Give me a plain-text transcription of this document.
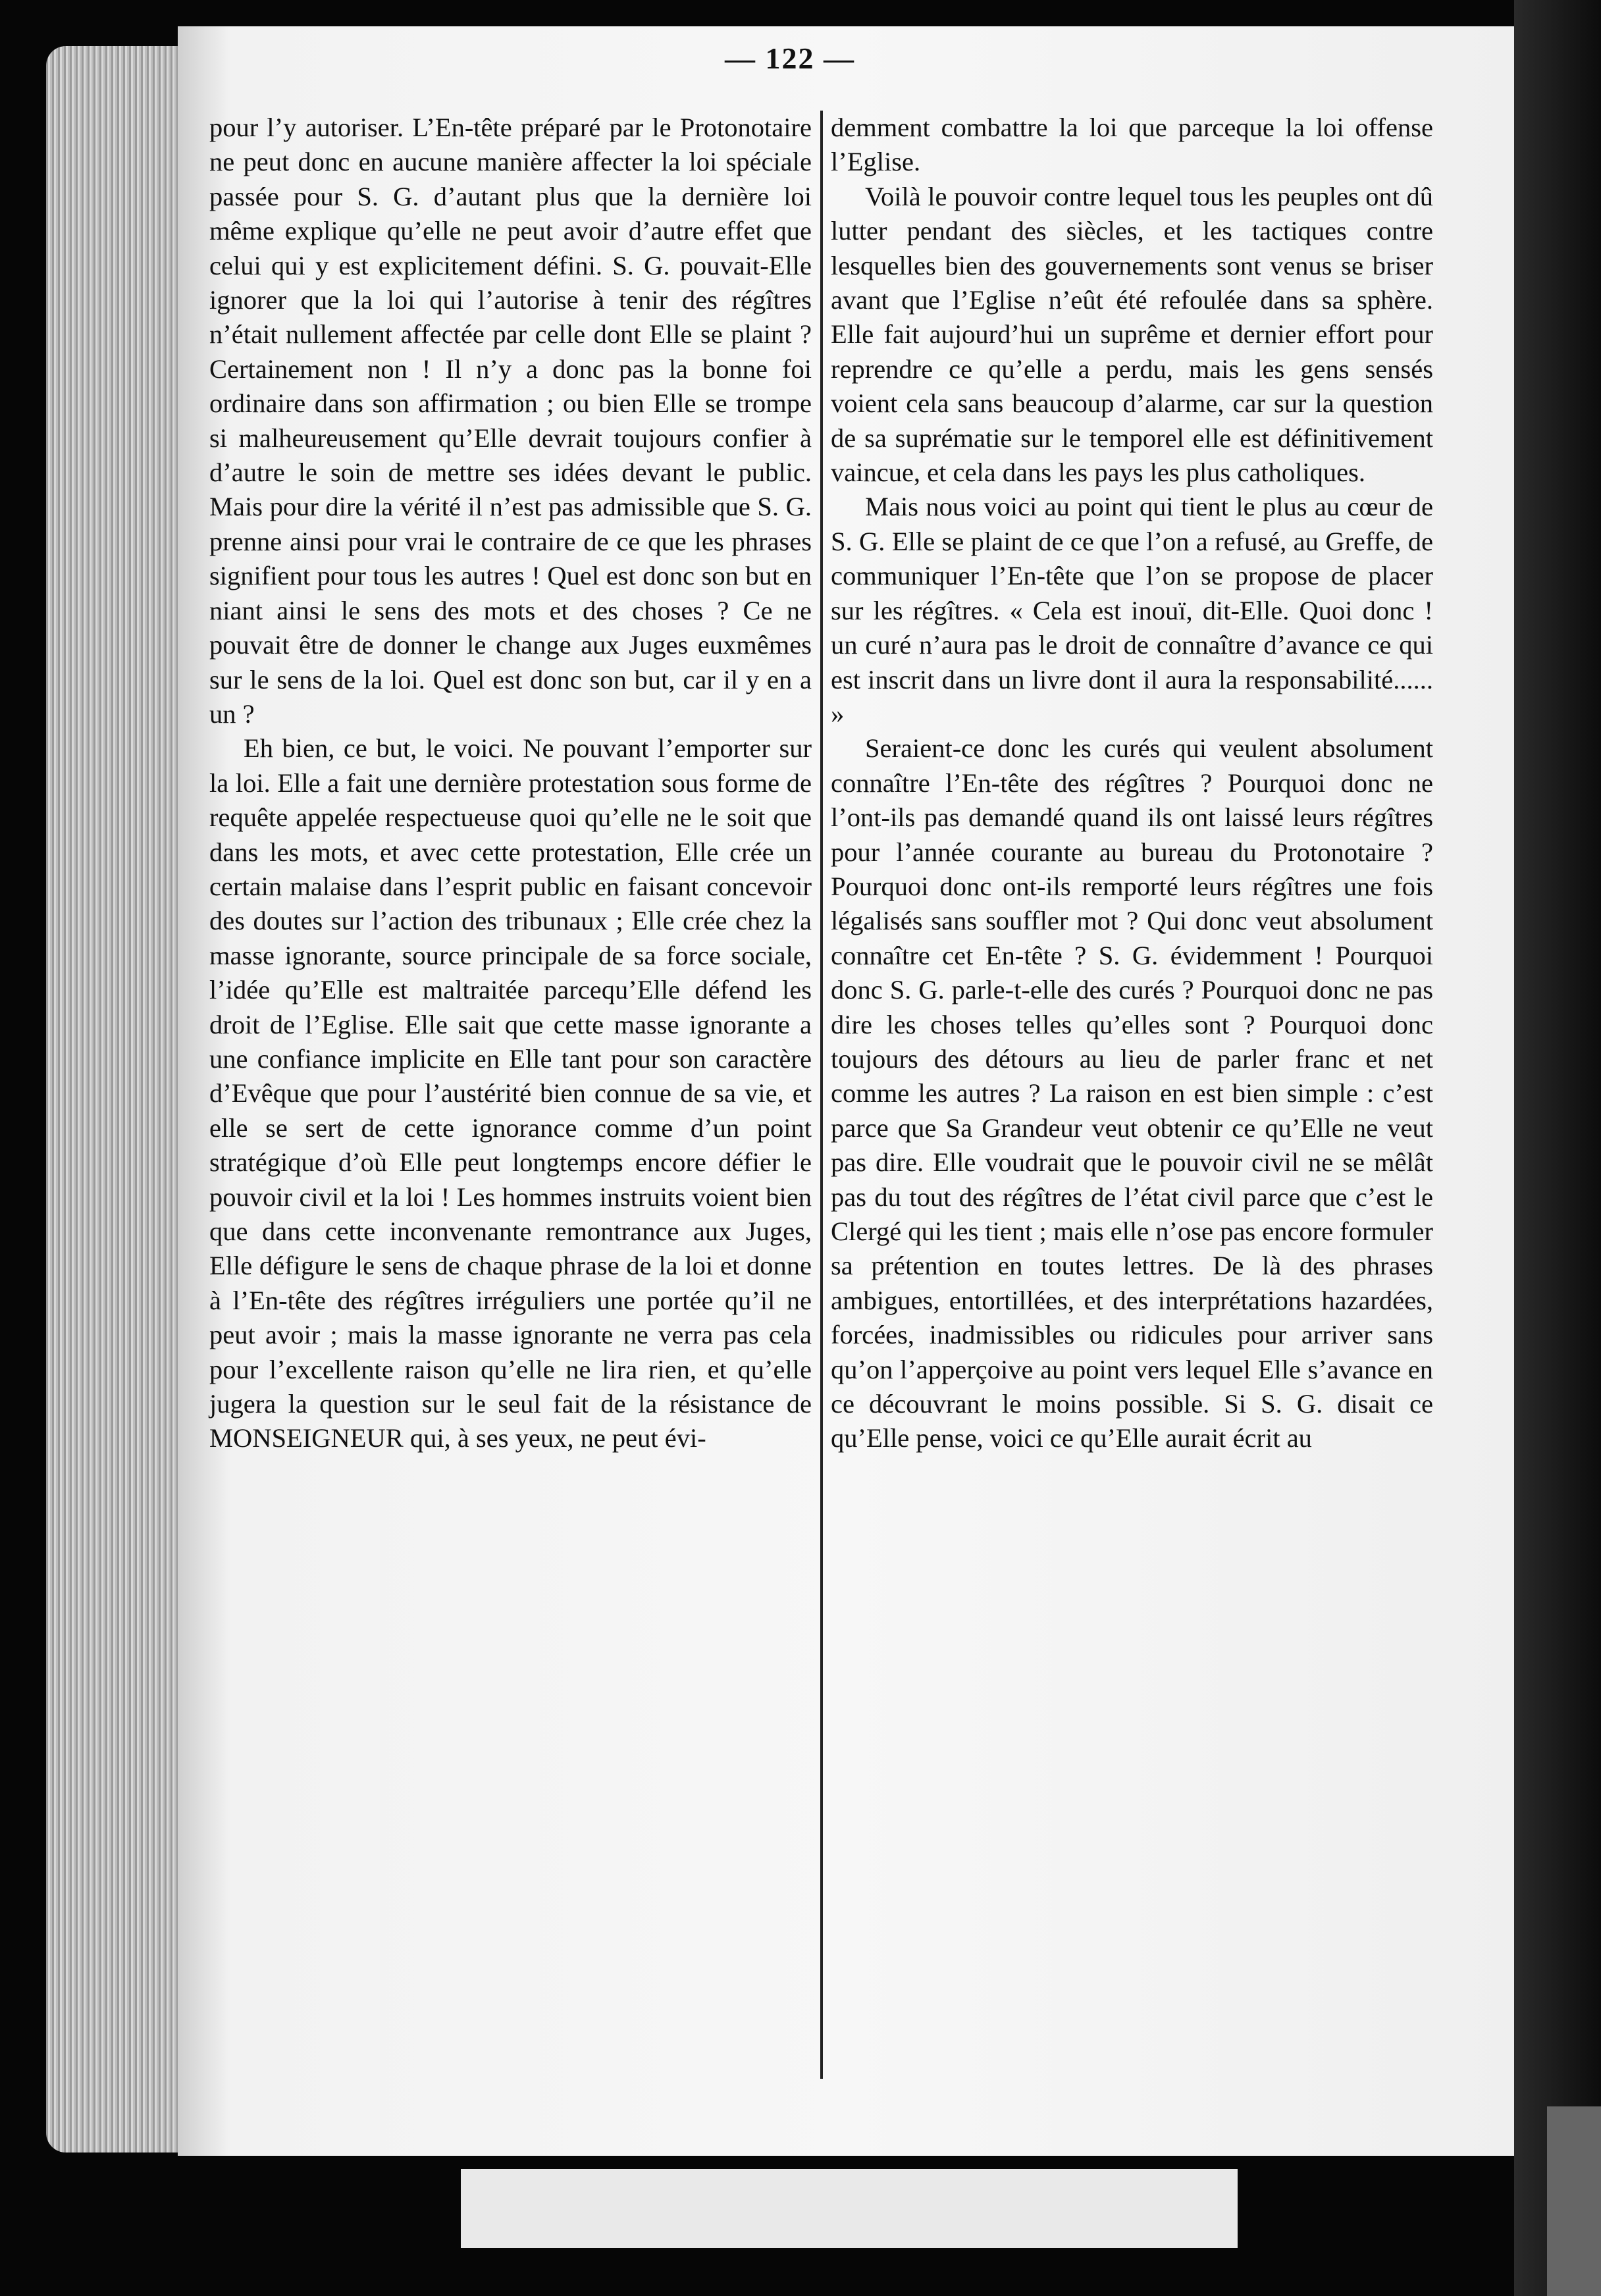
— 122 —

pour l’y autoriser. L’En-tête préparé par le Protonotaire ne peut donc en aucune manière affecter la loi spéciale passée pour S. G. d’autant plus que la dernière loi même explique qu’elle ne peut avoir d’autre effet que celui qui y est explicitement défini. S. G. pouvait-Elle ignorer que la loi qui l’autorise à tenir des régîtres n’était nullement affectée par celle dont Elle se plaint ? Certainement non ! Il n’y a donc pas la bonne foi ordinaire dans son affirmation ; ou bien Elle se trompe si malheureusement qu’Elle devrait toujours confier à d’autre le soin de mettre ses idées devant le public. Mais pour dire la vérité il n’est pas admissible que S. G. prenne ainsi pour vrai le contraire de ce que les phrases signifient pour tous les autres ! Quel est donc son but en niant ainsi le sens des mots et des choses ? Ce ne pouvait être de donner le change aux Juges euxmêmes sur le sens de la loi. Quel est donc son but, car il y en a un ?

Eh bien, ce but, le voici. Ne pouvant l’emporter sur la loi. Elle a fait une dernière protestation sous forme de requête appelée respectueuse quoi qu’elle ne le soit que dans les mots, et avec cette protestation, Elle crée un certain malaise dans l’esprit public en faisant concevoir des doutes sur l’action des tribunaux ; Elle crée chez la masse ignorante, source principale de sa force sociale, l’idée qu’Elle est maltraitée parcequ’Elle défend les droit de l’Eglise. Elle sait que cette masse ignorante a une confiance implicite en Elle tant pour son caractère d’Evêque que pour l’austérité bien connue de sa vie, et elle se sert de cette ignorance comme d’un point stratégique d’où Elle peut longtemps encore défier le pouvoir civil et la loi ! Les hommes instruits voient bien que dans cette inconvenante remontrance aux Juges, Elle défigure le sens de chaque phrase de la loi et donne à l’En-tête des régîtres irréguliers une portée qu’il ne peut avoir ; mais la masse ignorante ne verra pas cela pour l’excellente raison qu’elle ne lira rien, et qu’elle jugera la question sur le seul fait de la résistance de MONSEIGNEUR qui, à ses yeux, ne peut évi-

demment combattre la loi que parceque la loi offense l’Eglise.

Voilà le pouvoir contre lequel tous les peuples ont dû lutter pendant des siècles, et les tactiques contre lesquelles bien des gouvernements sont venus se briser avant que l’Eglise n’eût été refoulée dans sa sphère. Elle fait aujourd’hui un suprême et dernier effort pour reprendre ce qu’elle a perdu, mais les gens sensés voient cela sans beaucoup d’alarme, car sur la question de sa suprématie sur le temporel elle est définitivement vaincue, et cela dans les pays les plus catholiques.

Mais nous voici au point qui tient le plus au cœur de S. G. Elle se plaint de ce que l’on a refusé, au Greffe, de communiquer l’En-tête que l’on se propose de placer sur les régîtres. « Cela est inouï, dit-Elle. Quoi donc ! un curé n’aura pas le droit de connaître d’avance ce qui est inscrit dans un livre dont il aura la responsabilité...... »

Seraient-ce donc les curés qui veulent absolument connaître l’En-tête des régîtres ? Pourquoi donc ne l’ont-ils pas demandé quand ils ont laissé leurs régîtres pour l’année courante au bureau du Protonotaire ? Pourquoi donc ont-ils remporté leurs régîtres une fois légalisés sans souffler mot ? Qui donc veut absolument connaître cet En-tête ? S. G. évidemment ! Pourquoi donc S. G. parle-t-elle des curés ? Pourquoi donc ne pas dire les choses telles qu’elles sont ? Pourquoi donc toujours des détours au lieu de parler franc et net comme les autres ? La raison en est bien simple : c’est parce que Sa Grandeur veut obtenir ce qu’Elle ne veut pas dire. Elle voudrait que le pouvoir civil ne se mêlât pas du tout des régîtres de l’état civil parce que c’est le Clergé qui les tient ; mais elle n’ose pas encore formuler sa prétention en toutes lettres. De là des phrases ambigues, entortillées, et des interprétations hazardées, forcées, inadmissibles ou ridicules pour arriver sans qu’on l’apperçoive au point vers lequel Elle s’avance en ce découvrant le moins possible. Si S. G. disait ce qu’Elle pense, voici ce qu’Elle aurait écrit au
